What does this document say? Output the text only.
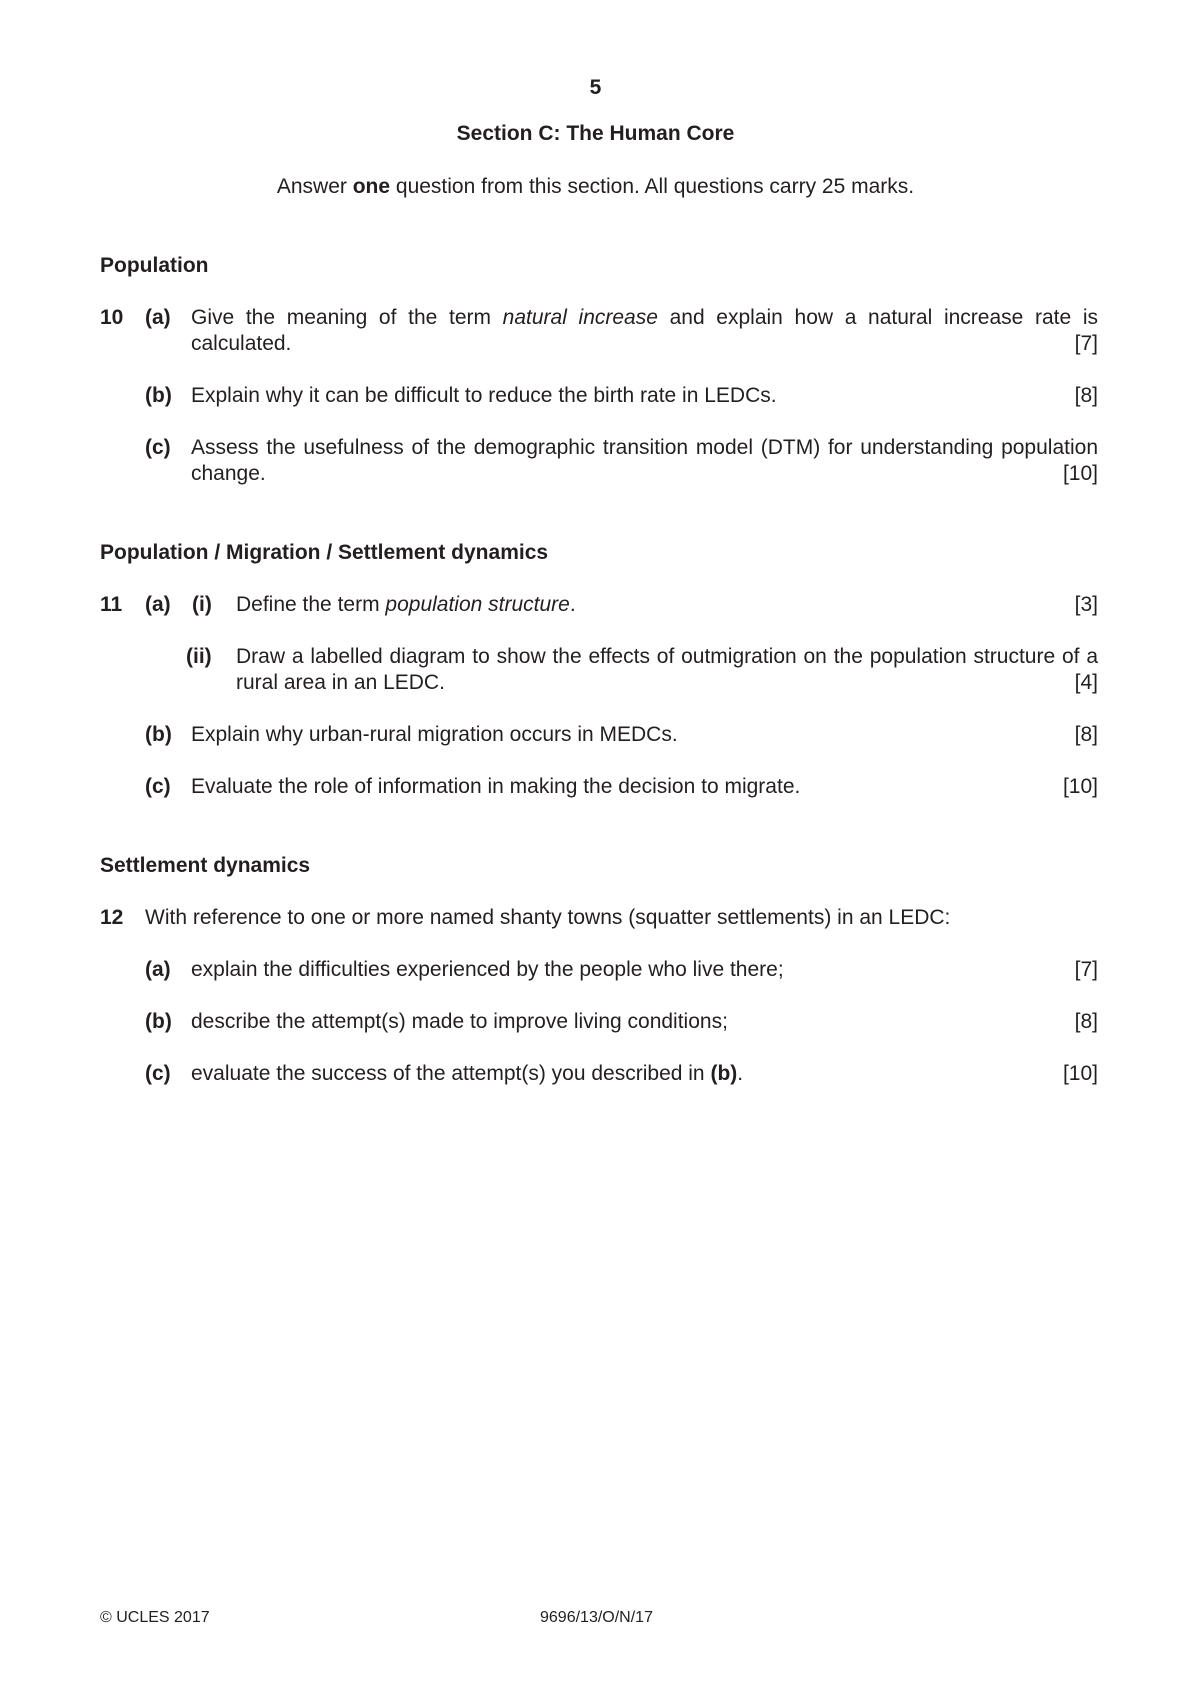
5
Section C: The Human Core
Answer one question from this section. All questions carry 25 marks.
Population
10 (a) Give the meaning of the term natural increase and explain how a natural increase rate is calculated.	[7]
(b) Explain why it can be difficult to reduce the birth rate in LEDCs.	[8]
(c) Assess the usefulness of the demographic transition model (DTM) for understanding population change.	[10]
Population / Migration / Settlement dynamics
11 (a) (i) Define the term population structure.	[3]
(ii) Draw a labelled diagram to show the effects of outmigration on the population structure of a rural area in an LEDC.	[4]
(b) Explain why urban-rural migration occurs in MEDCs.	[8]
(c) Evaluate the role of information in making the decision to migrate.	[10]
Settlement dynamics
12 With reference to one or more named shanty towns (squatter settlements) in an LEDC:
(a) explain the difficulties experienced by the people who live there;	[7]
(b) describe the attempt(s) made to improve living conditions;	[8]
(c) evaluate the success of the attempt(s) you described in (b).	[10]
© UCLES 2017	9696/13/O/N/17
